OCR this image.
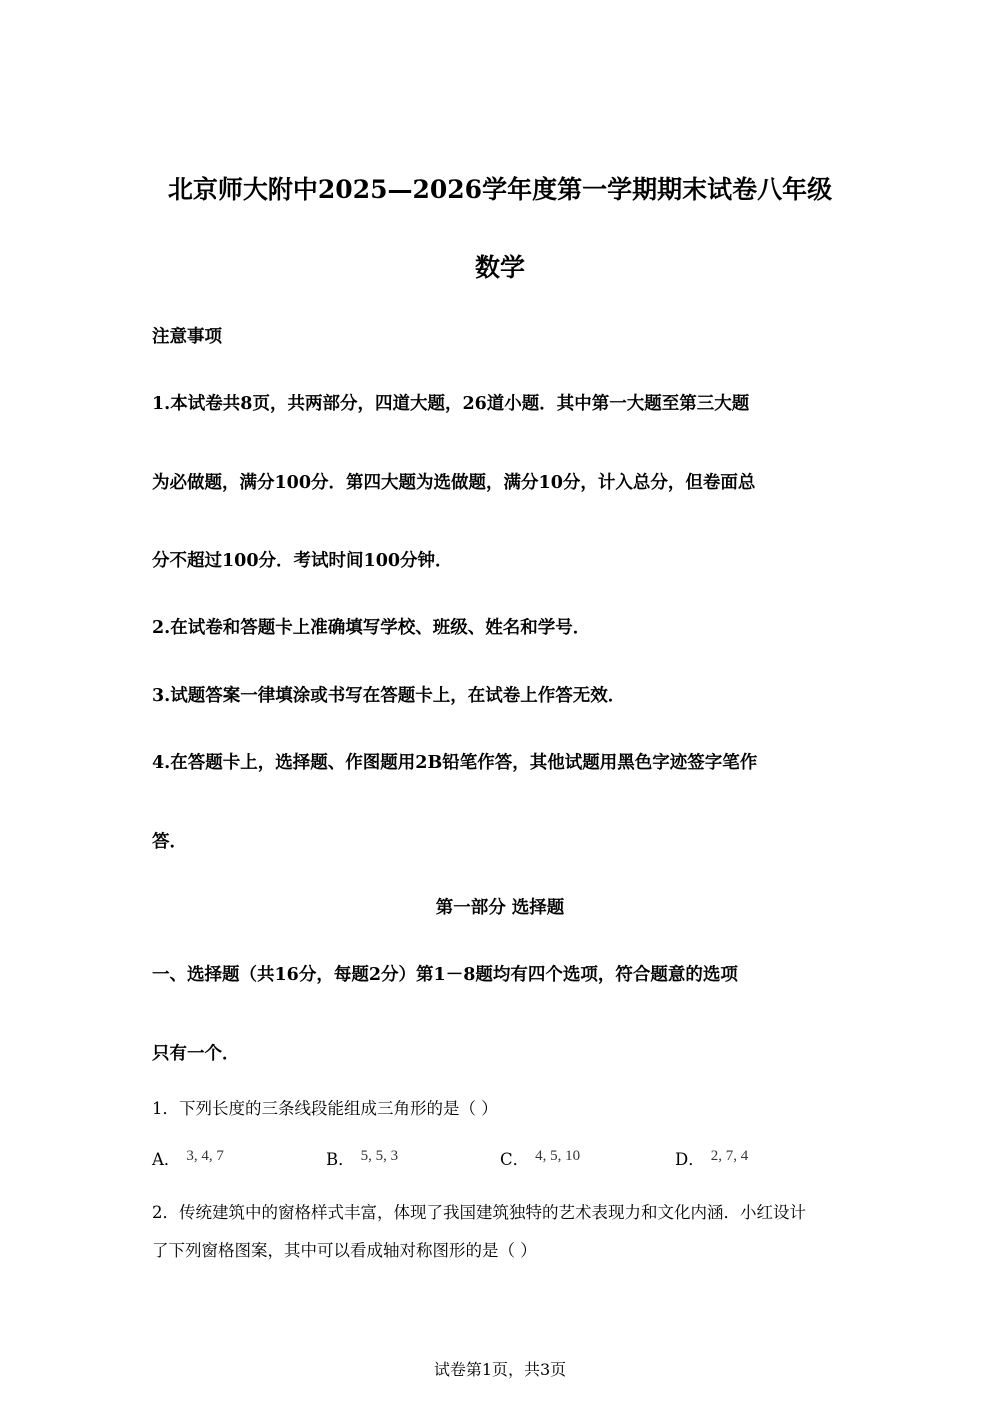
北京师大附中2025—2026学年度第一学期期末试卷八年级
数学
注意事项
1.本试卷共8页，共两部分，四道大题，26道小题．其中第一大题至第三大题
为必做题，满分100分．第四大题为选做题，满分10分，计入总分，但卷面总
分不超过100分．考试时间100分钟．
2.在试卷和答题卡上准确填写学校、班级、姓名和学号．
3.试题答案一律填涂或书写在答题卡上，在试卷上作答无效．
4.在答题卡上，选择题、作图题用2B铅笔作答，其他试题用黑色字迹签字笔作
答．
第一部分 选择题
一、选择题（共16分，每题2分）第1－8题均有四个选项，符合题意的选项
只有一个．
1．下列长度的三条线段能组成三角形的是（ ）
A． 3, 4, 7	B． 5, 5, 3	C． 4, 5, 10	D． 2, 7, 4
2．传统建筑中的窗格样式丰富，体现了我国建筑独特的艺术表现力和文化内涵．小红设计
了下列窗格图案，其中可以看成轴对称图形的是（ ）
试卷第1页，共3页
